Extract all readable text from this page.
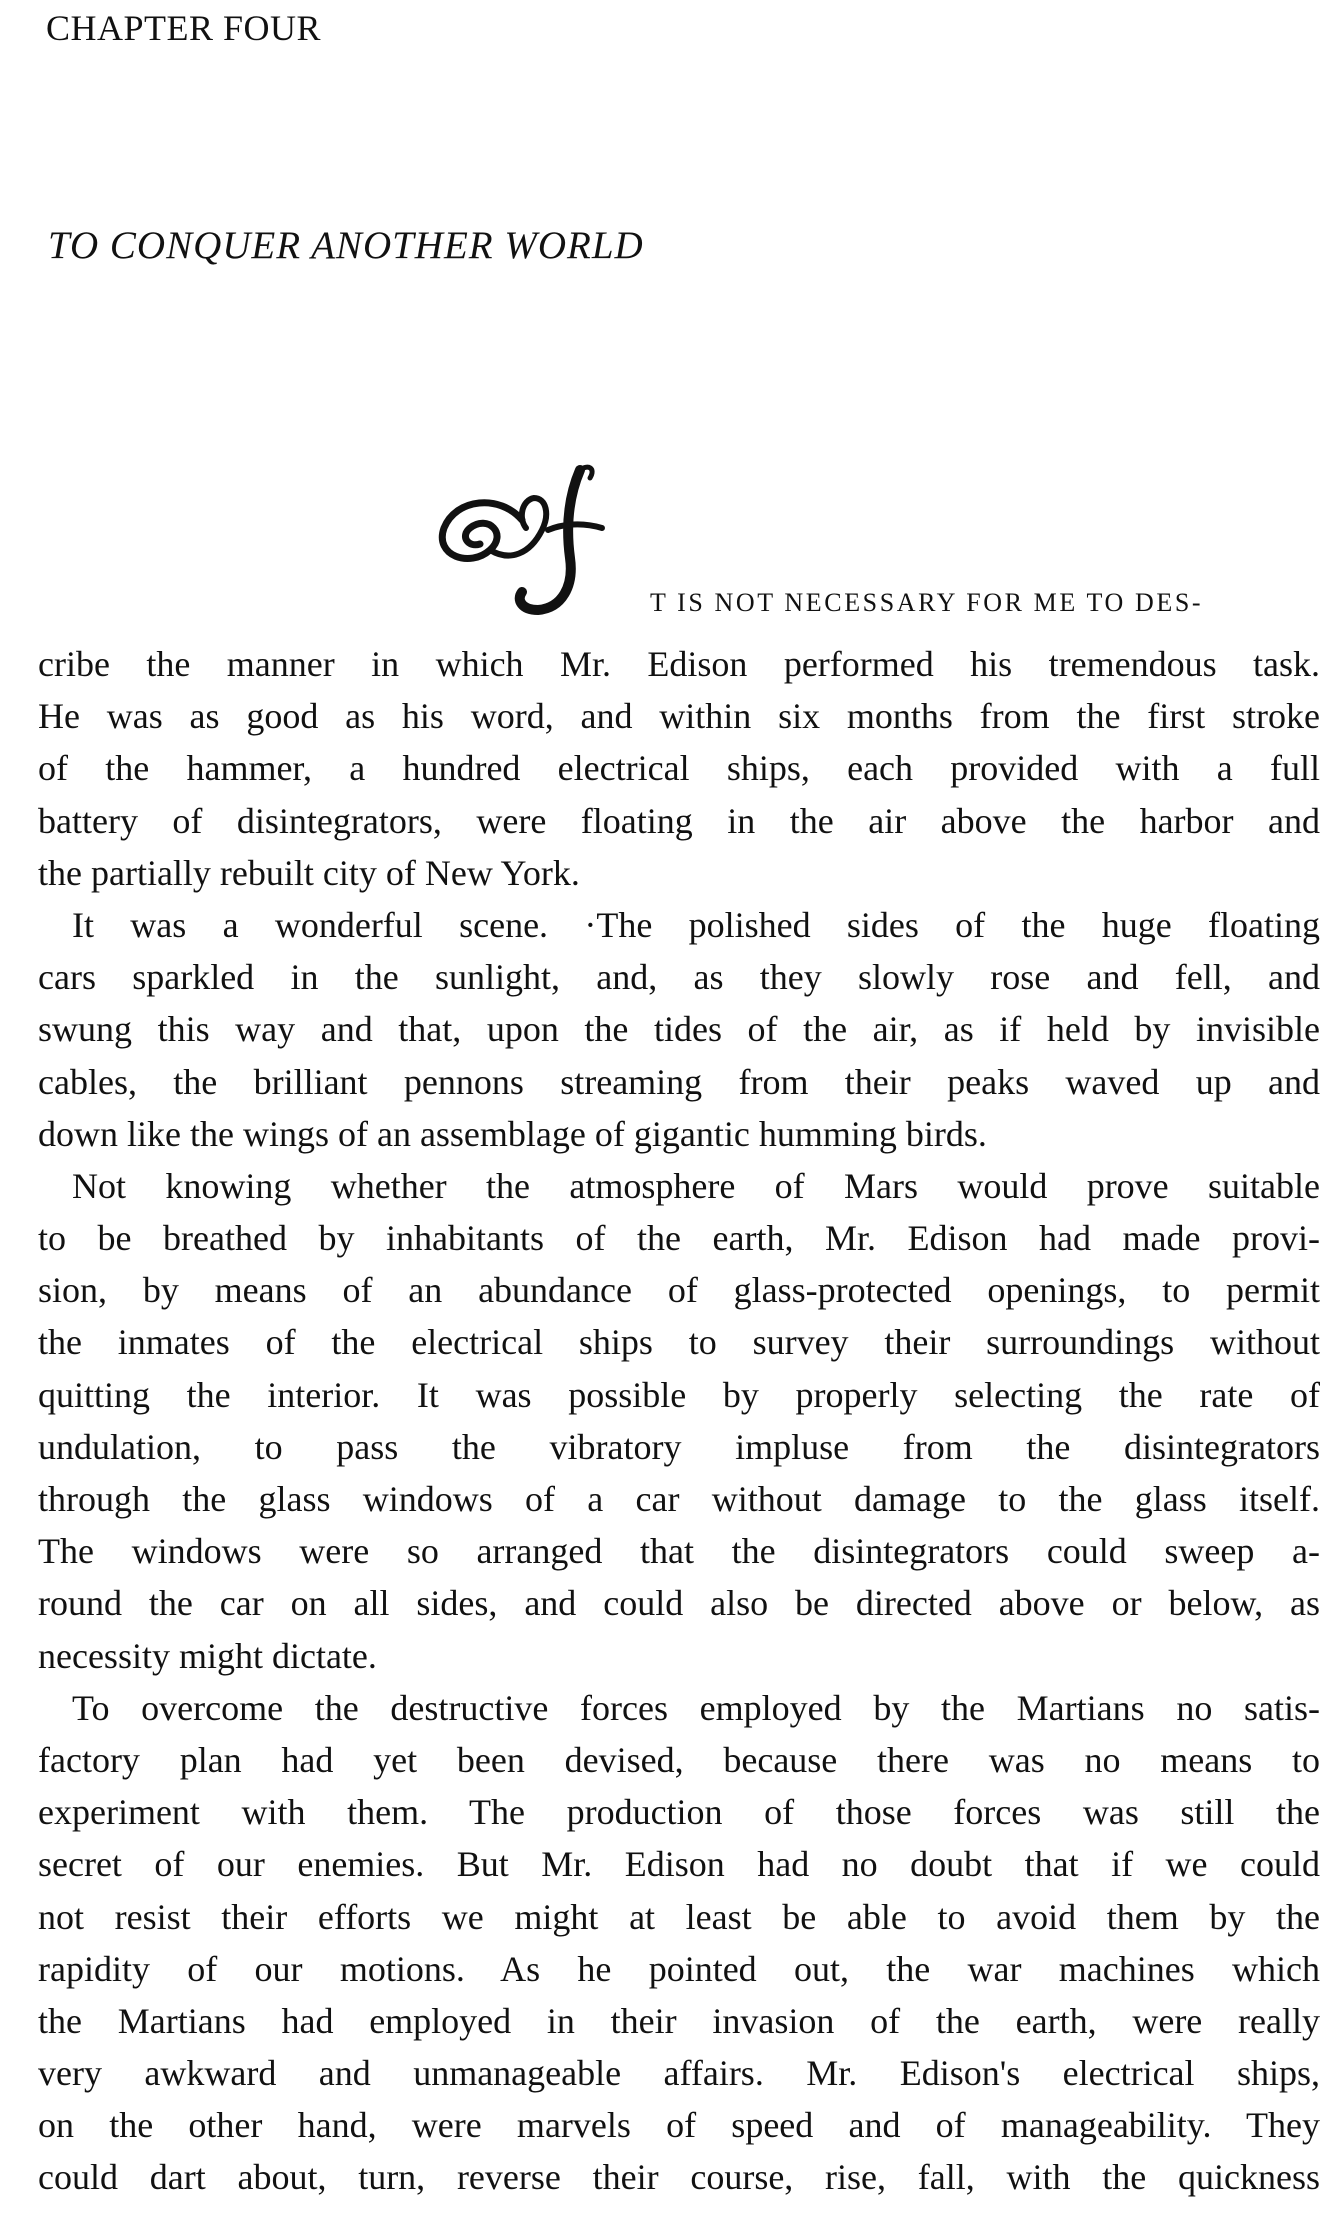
CHAPTER FOUR
TO CONQUER ANOTHER WORLD
T IS NOT NECESSARY FOR ME TO DES-
cribe the manner in which Mr. Edison performed his tremendous task.
He was as good as his word, and within six months from the first stroke
of the hammer, a hundred electrical ships, each provided with a full
battery of disintegrators, were floating in the air above the harbor and
the partially rebuilt city of New York.
It was a wonderful scene. ·The polished sides of the huge floating
cars sparkled in the sunlight, and, as they slowly rose and fell, and
swung this way and that, upon the tides of the air, as if held by invisible
cables, the brilliant pennons streaming from their peaks waved up and
down like the wings of an assemblage of gigantic humming birds.
Not knowing whether the atmosphere of Mars would prove suitable
to be breathed by inhabitants of the earth, Mr. Edison had made provi-
sion, by means of an abundance of glass-protected openings, to permit
the inmates of the electrical ships to survey their surroundings without
quitting the interior. It was possible by properly selecting the rate of
undulation, to pass the vibratory impluse from the disintegrators
through the glass windows of a car without damage to the glass itself.
The windows were so arranged that the disintegrators could sweep a-
round the car on all sides, and could also be directed above or below, as
necessity might dictate.
To overcome the destructive forces employed by the Martians no satis-
factory plan had yet been devised, because there was no means to
experiment with them. The production of those forces was still the
secret of our enemies. But Mr. Edison had no doubt that if we could
not resist their efforts we might at least be able to avoid them by the
rapidity of our motions. As he pointed out, the war machines which
the Martians had employed in their invasion of the earth, were really
very awkward and unmanageable affairs. Mr. Edison's electrical ships,
on the other hand, were marvels of speed and of manageability. They
could dart about, turn, reverse their course, rise, fall, with the quickness
